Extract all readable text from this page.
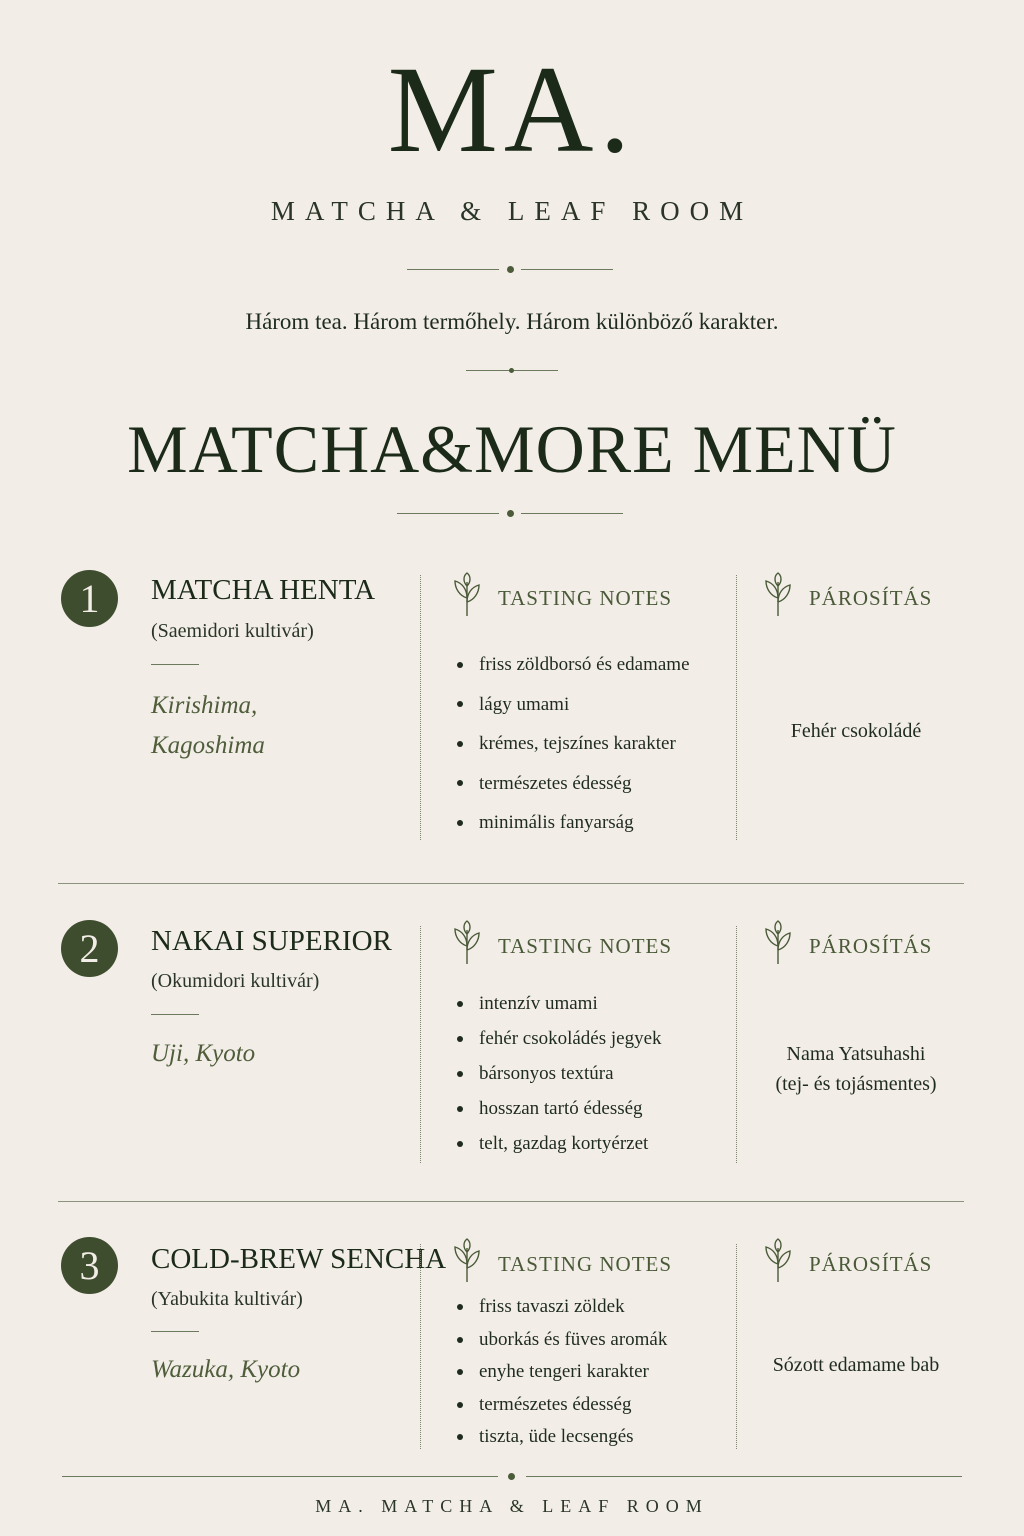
MA.
MATCHA & LEAF ROOM
Három tea. Három termőhely. Három különböző karakter.
MATCHA&MORE MENÜ
1	MATCHA HENTA
(Saemidori kultivár)
Kirishima,
Kagoshima
TASTING NOTES
friss zöldborsó és edamame
lágy umami
krémes, tejszínes karakter
természetes édesség
minimális fanyarság
PÁROSÍTÁS
Fehér csokoládé
2	NAKAI SUPERIOR
(Okumidori kultivár)
Uji, Kyoto
TASTING NOTES
intenzív umami
fehér csokoládés jegyek
bársonyos textúra
hosszan tartó édesség
telt, gazdag kortyérzet
PÁROSÍTÁS
Nama Yatsuhashi
(tej- és tojásmentes)
3	COLD-BREW SENCHA
(Yabukita kultivár)
Wazuka, Kyoto
TASTING NOTES
friss tavaszi zöldek
uborkás és füves aromák
enyhe tengeri karakter
természetes édesség
tiszta, üde lecsengés
PÁROSÍTÁS
Sózott edamame bab
MA. MATCHA & LEAF ROOM
